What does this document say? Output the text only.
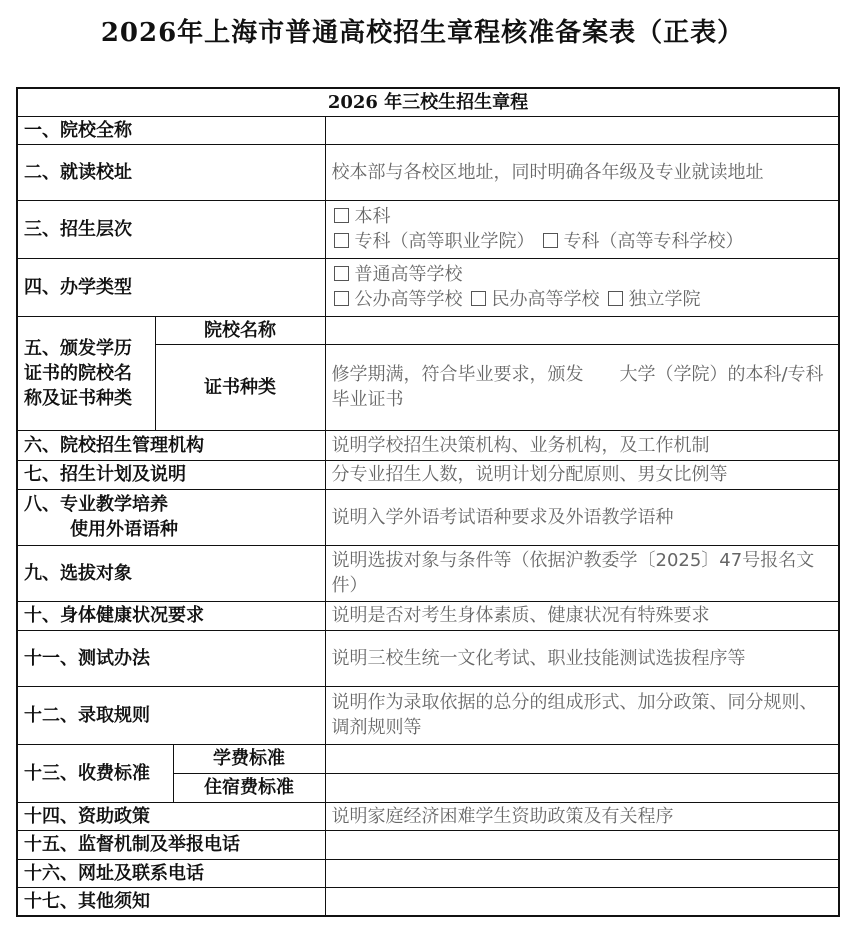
2026年上海市普通高校招生章程核准备案表（正表）
2026 年三校生招生章程			
一、院校全称			
二、就读校址			校本部与各校区地址，同时明确各年级及专业就读地址
三、招生层次			本科
专科（高等职业学院） 专科（高等专科学校）

四、办学类型			普通高等学校
公办高等学校 民办高等学校 独立学院

五、颁发学历证书的院校名称及证书种类	院校名称		
	证书种类		修学期满，符合毕业要求，颁发　　大学（学院）的本科/专科毕业证书
六、院校招生管理机构			说明学校招生决策机构、业务机构，及工作机制
七、招生计划及说明			分专业招生人数，说明计划分配原则、男女比例等

八、专业教学培养
使用外语语种			说明入学外语考试语种要求及外语教学语种
九、选拔对象			说明选拔对象与条件等（依据沪教委学〔2025〕47号报名文件）
十、身体健康状况要求			说明是否对考生身体素质、健康状况有特殊要求
十一、测试办法			说明三校生统一文化考试、职业技能测试选拔程序等
十二、录取规则			说明作为录取依据的总分的组成形式、加分政策、同分规则、调剂规则等
十三、收费标准		学费标准	
		住宿费标准	
十四、资助政策			说明家庭经济困难学生资助政策及有关程序
十五、监督机制及举报电话			
十六、网址及联系电话			
十七、其他须知			
